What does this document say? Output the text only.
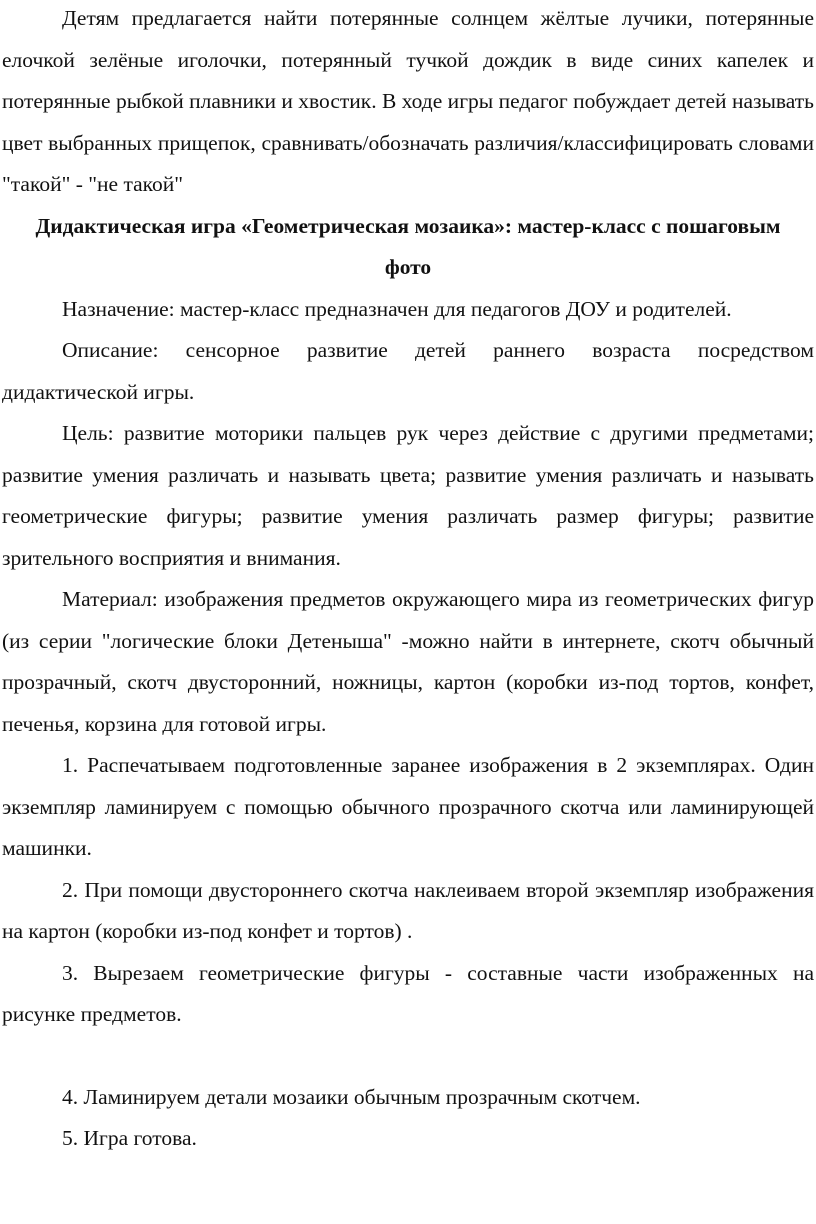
Детям предлагается найти потерянные солнцем жёлтые лучики, потерянные елочкой зелёные иголочки, потерянный тучкой дождик в виде синих капелек и потерянные рыбкой плавники и хвостик. В ходе игры педагог побуждает детей называть цвет выбранных прищепок, сравнивать/обозначать различия/классифицировать словами "такой" - "не такой"

Дидактическая игра «Геометрическая мозаика»: мастер-класс с пошаговым фото

Назначение: мастер-класс предназначен для педагогов ДОУ и родителей.

Описание: сенсорное развитие детей раннего возраста посредством дидактической игры.

Цель: развитие моторики пальцев рук через действие с другими предметами; развитие умения различать и называть цвета; развитие умения различать и называть геометрические фигуры; развитие умения различать размер фигуры; развитие зрительного восприятия и внимания.

Материал: изображения предметов окружающего мира из геометрических фигур (из серии "логические блоки Детеныша" -можно найти в интернете, скотч обычный прозрачный, скотч двусторонний, ножницы, картон (коробки из-под тортов, конфет, печенья, корзина для готовой игры.

1. Распечатываем подготовленные заранее изображения в 2 экземплярах. Один экземпляр ламинируем с помощью обычного прозрачного скотча или ламинирующей машинки.

2. При помощи двустороннего скотча наклеиваем второй экземпляр изображения на картон (коробки из-под конфет и тортов) .

3. Вырезаем геометрические фигуры - составные части изображенных на рисунке предметов.

4. Ламинируем детали мозаики обычным прозрачным скотчем.

5. Игра готова.
